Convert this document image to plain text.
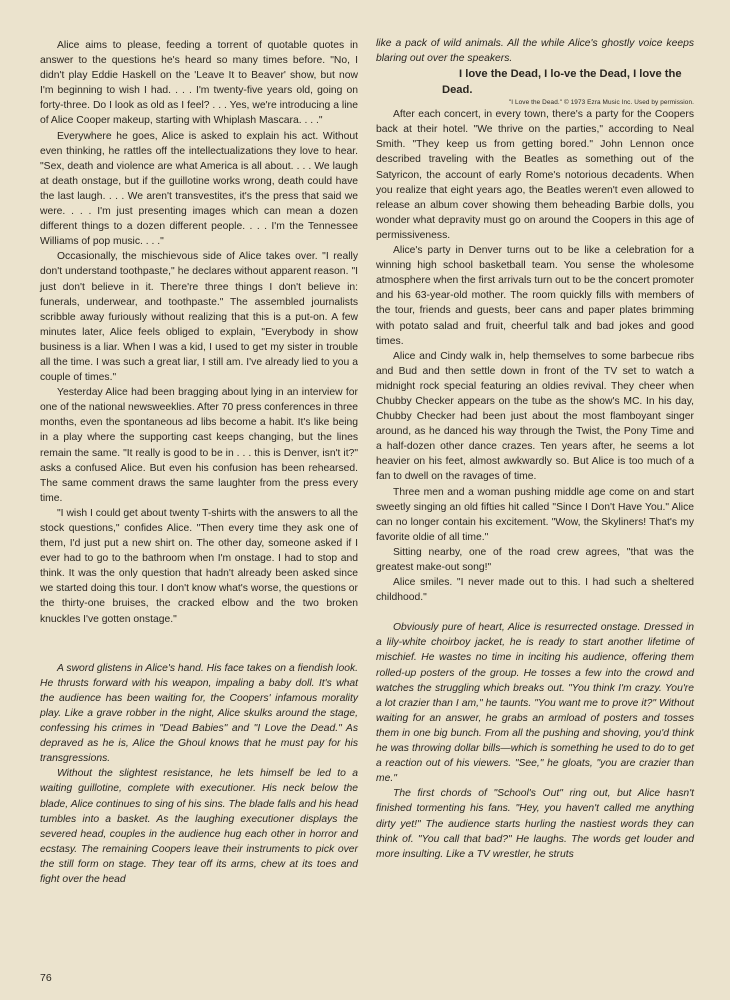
Alice aims to please, feeding a torrent of quotable quotes in answer to the questions he's heard so many times before. "No, I didn't play Eddie Haskell on the 'Leave It to Beaver' show, but now I'm beginning to wish I had. . . . I'm twenty-five years old, going on forty-three. Do I look as old as I feel? . . . Yes, we're introducing a line of Alice Cooper makeup, starting with Whiplash Mascara. . . ."

Everywhere he goes, Alice is asked to explain his act. Without even thinking, he rattles off the intellectualizations they love to hear. "Sex, death and violence are what America is all about. . . . We laugh at death onstage, but if the guillotine works wrong, death could have the last laugh. . . . We aren't transvestites, it's the press that said we were. . . . I'm just presenting images which can mean a dozen different things to a dozen different people. . . . I'm the Tennessee Williams of pop music. . . ."

Occasionally, the mischievous side of Alice takes over. "I really don't understand toothpaste," he declares without apparent reason. "I just don't believe in it. There're three things I don't believe in: funerals, underwear, and toothpaste." The assembled journalists scribble away furiously without realizing that this is a put-on. A few minutes later, Alice feels obliged to explain, "Everybody in show business is a liar. When I was a kid, I used to get my sister in trouble all the time. I was such a great liar, I still am. I've already lied to you a couple of times."

Yesterday Alice had been bragging about lying in an interview for one of the national newsweeklies. After 70 press conferences in three months, even the spontaneous ad libs become a habit. It's like being in a play where the supporting cast keeps changing, but the lines remain the same. "It really is good to be in . . . this is Denver, isn't it?" asks a confused Alice. But even his confusion has been rehearsed. The same comment draws the same laughter from the press every time.

"I wish I could get about twenty T-shirts with the answers to all the stock questions," confides Alice. "Then every time they ask one of them, I'd just put a new shirt on. The other day, someone asked if I ever had to go to the bathroom when I'm onstage. I had to stop and think. It was the only question that hadn't already been asked since we started doing this tour. I don't know what's worse, the questions or the thirty-one bruises, the cracked elbow and the two broken knuckles I've gotten onstage."

A sword glistens in Alice's hand. His face takes on a fiendish look. He thrusts forward with his weapon, impaling a baby doll. It's what the audience has been waiting for, the Coopers' infamous morality play. Like a grave robber in the night, Alice skulks around the stage, confessing his crimes in "Dead Babies" and "I Love the Dead." As depraved as he is, Alice the Ghoul knows that he must pay for his transgressions.

Without the slightest resistance, he lets himself be led to a waiting guillotine, complete with executioner. His neck below the blade, Alice continues to sing of his sins. The blade falls and his head tumbles into a basket. As the laughing executioner displays the severed head, couples in the audience hug each other in horror and ecstasy. The remaining Coopers leave their instruments to pick over the still form on stage. They tear off its arms, chew at its toes and fight over the head

like a pack of wild animals. All the while Alice's ghostly voice keeps blaring out over the speakers.

I love the Dead, I lo-ve the Dead, I love the Dead.

"I Love the Dead." © 1973 Ezra Music Inc. Used by permission.

After each concert, in every town, there's a party for the Coopers back at their hotel. "We thrive on the parties," according to Neal Smith. "They keep us from getting bored." John Lennon once described traveling with the Beatles as something out of the Satyricon, the account of early Rome's notorious decadents. When you realize that eight years ago, the Beatles weren't even allowed to release an album cover showing them beheading Barbie dolls, you wonder what depravity must go on around the Coopers in this age of permissiveness.

Alice's party in Denver turns out to be like a celebration for a winning high school basketball team. You sense the wholesome atmosphere when the first arrivals turn out to be the concert promoter and his 63-year-old mother. The room quickly fills with members of the tour, friends and guests, beer cans and paper plates brimming with potato salad and fruit, cheerful talk and bad jokes and good times.

Alice and Cindy walk in, help themselves to some barbecue ribs and Bud and then settle down in front of the TV set to watch a midnight rock special featuring an oldies revival. They cheer when Chubby Checker appears on the tube as the show's MC. In his day, Chubby Checker had been just about the most flamboyant singer around, as he danced his way through the Twist, the Pony Time and a half-dozen other dance crazes. Ten years after, he seems a lot heavier on his feet, almost awkwardly so. But Alice is too much of a fan to dwell on the ravages of time.

Three men and a woman pushing middle age come on and start sweetly singing an old fifties hit called "Since I Don't Have You." Alice can no longer contain his excitement. "Wow, the Skyliners! That's my favorite oldie of all time."

Sitting nearby, one of the road crew agrees, "that was the greatest make-out song!"

Alice smiles. "I never made out to this. I had such a sheltered childhood."

Obviously pure of heart, Alice is resurrected onstage. Dressed in a lily-white choirboy jacket, he is ready to start another lifetime of mischief. He wastes no time in inciting his audience, offering them rolled-up posters of the group. He tosses a few into the crowd and watches the struggling which breaks out. "You think I'm crazy. You're a lot crazier than I am," he taunts. "You want me to prove it?" Without waiting for an answer, he grabs an armload of posters and tosses them in one big bunch. From all the pushing and shoving, you'd think he was throwing dollar bills—which is something he used to do to get a reaction out of his viewers. "See," he gloats, "you are crazier than me."

The first chords of "School's Out" ring out, but Alice hasn't finished tormenting his fans. "Hey, you haven't called me anything dirty yet!" The audience starts hurling the nastiest words they can think of. "You call that bad?" He laughs. The words get louder and more insulting. Like a TV wrestler, he struts

76
